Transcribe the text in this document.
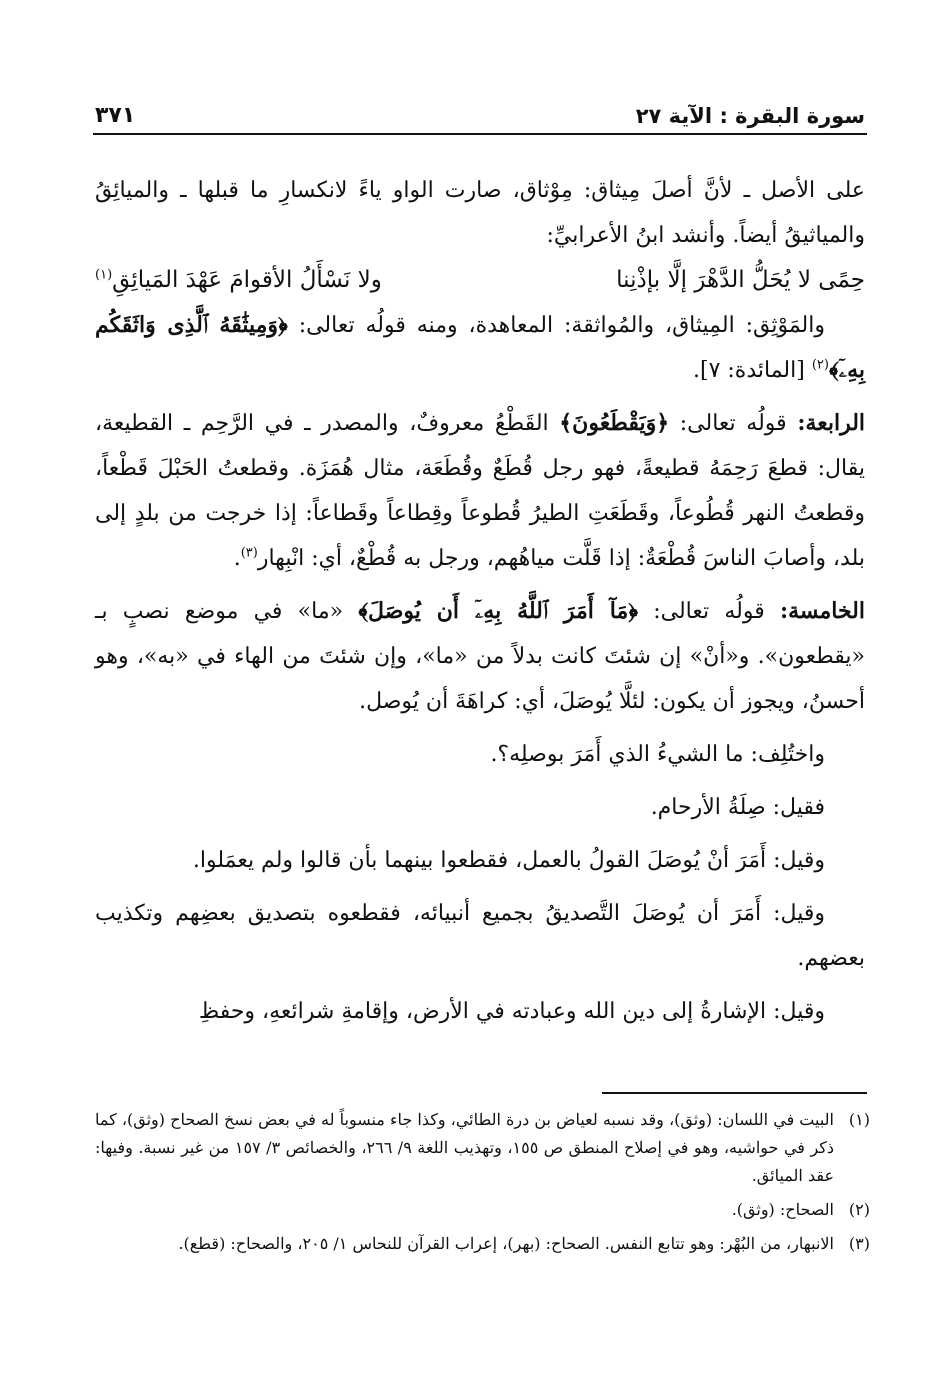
سورة البقرة : الآية ٢٧
٣٧١

على الأصل ـ لأنَّ أصلَ مِيثاق: مِوْثاق، صارت الواو ياءً لانكسارِ ما قبلها ـ والميائِقُ والمياثيقُ أيضاً. وأنشد ابنُ الأعرابيِّ:

حِمًى لا يُحَلُّ الدَّهْرَ إلَّا بإذْنِنا
ولا نَسْأَلُ الأقوامَ عَهْدَ المَيائِقِ$^{(١)}$

والمَوْثِق: المِيثاق، والمُواثقة: المعاهدة، ومنه قولُه تعالى: ﴿وَمِيثَٰقَهُ ٱلَّذِى وَاثَقَكُم بِهِۦٓ﴾$^{(٢)}$ [المائدة: ٧].

الرابعة: قولُه تعالى: ﴿وَيَقْطَعُونَ﴾ القَطْعُ معروفٌ، والمصدر ـ في الرَّحِم ـ القطيعة، يقال: قطعَ رَحِمَهُ قطيعةً، فهو رجل قُطَعٌ وقُطَعَة، مثال هُمَزَة. وقطعتُ الحَبْلَ قَطْعاً، وقطعتُ النهر قُطُوعاً، وقَطَعَتِ الطيرُ قُطوعاً وقِطاعاً وقَطاعاً: إذا خرجت من بلدٍ إلى بلد، وأصابَ الناسَ قُطْعَةٌ: إذا قَلَّت مياهُهم، ورجل به قُطْعٌ، أي: انْبِهار$^{(٣)}$.

الخامسة: قولُه تعالى: ﴿مَآ أَمَرَ ٱللَّهُ بِهِۦٓ أَن يُوصَلَ﴾ «ما» في موضع نصبٍ بـ «يقطعون». و«أنْ» إن شئتَ كانت بدلاً من «ما»، وإن شئتَ من الهاء في «به»، وهو أحسنُ، ويجوز أن يكون: لئلَّا يُوصَلَ، أي: كراهَةَ أن يُوصل.

واختُلِف: ما الشيءُ الذي أَمَرَ بوصلِه؟.

فقيل: صِلَةُ الأرحام.

وقيل: أَمَرَ أنْ يُوصَلَ القولُ بالعمل، فقطعوا بينهما بأن قالوا ولم يعمَلوا.

وقيل: أَمَرَ أن يُوصَلَ التَّصديقُ بجميع أنبيائه، فقطعوه بتصديق بعضِهم وتكذيب بعضهم.

وقيل: الإشارةُ إلى دين الله وعبادته في الأرض، وإقامةِ شرائعهِ، وحفظِ

(١)
البيت في اللسان: (وثق)، وقد نسبه لعياض بن درة الطائي، وكذا جاء منسوباً له في بعض نسخ الصحاح (وثق)، كما ذكر في حواشيه، وهو في إصلاح المنطق ص ١٥٥، وتهذيب اللغة ٩/ ٢٦٦، والخصائص ٣/ ١٥٧ من غير نسبة. وفيها: عقد الميائق.
(٢)
الصحاح: (وثق).
(٣)
الانبهار، من البُهْر: وهو تتابع النفس. الصحاح: (بهر)، إعراب القرآن للنحاس ١/ ٢٠٥، والصحاح: (قطع).
